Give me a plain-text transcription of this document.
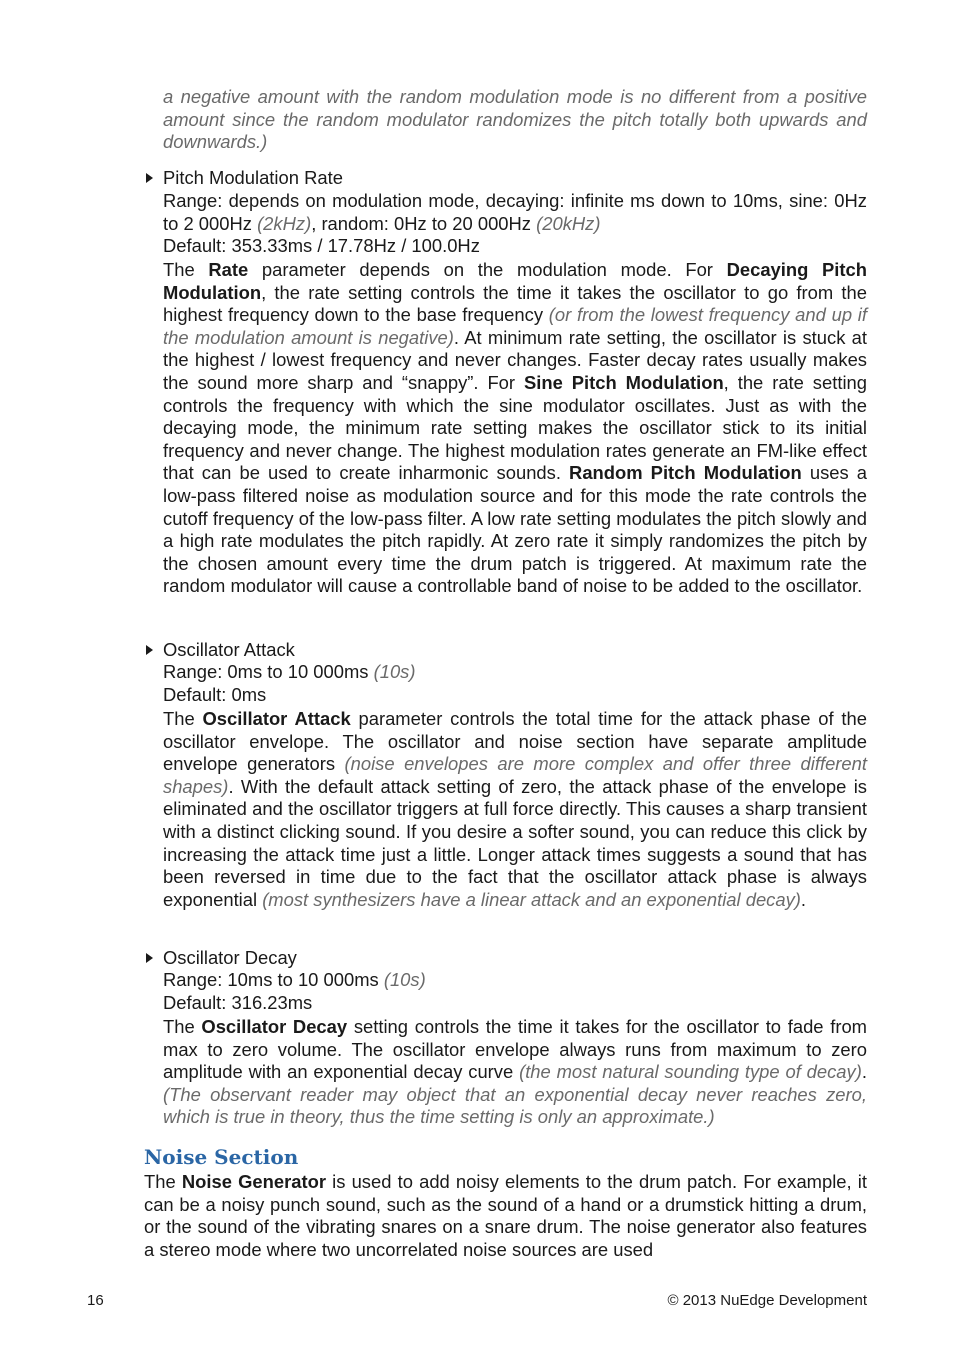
a negative amount with the random modulation mode is no different from a positive amount since the random modulator randomizes the pitch totally both upwards and downwards.)
Pitch Modulation Rate
Range: depends on modulation mode, decaying: infinite ms down to 10ms, sine: 0Hz to 2 000Hz (2kHz), random: 0Hz to 20 000Hz (20kHz)
Default: 353.33ms / 17.78Hz / 100.0Hz
The Rate parameter depends on the modulation mode. For Decaying Pitch Modulation, the rate setting controls the time it takes the oscillator to go from the highest frequency down to the base frequency (or from the lowest frequency and up if the modulation amount is negative). At minimum rate setting, the oscillator is stuck at the highest / lowest frequency and never changes. Faster decay rates usually makes the sound more sharp and “snappy”. For Sine Pitch Modulation, the rate setting controls the frequency with which the sine modulator oscillates. Just as with the decaying mode, the minimum rate setting makes the oscillator stick to its initial frequency and never change. The highest modulation rates generate an FM-like effect that can be used to create inharmonic sounds. Random Pitch Modulation uses a low-pass filtered noise as modulation source and for this mode the rate controls the cutoff frequency of the low-pass filter. A low rate setting modulates the pitch slowly and a high rate modulates the pitch rapidly. At zero rate it simply randomizes the pitch by the chosen amount every time the drum patch is triggered. At maximum rate the random modulator will cause a controllable band of noise to be added to the oscillator.
Oscillator Attack
Range: 0ms to 10 000ms (10s)
Default: 0ms
The Oscillator Attack parameter controls the total time for the attack phase of the oscillator envelope. The oscillator and noise section have separate amplitude envelope generators (noise envelopes are more complex and offer three different shapes). With the default attack setting of zero, the attack phase of the envelope is eliminated and the oscillator triggers at full force directly. This causes a sharp transient with a distinct clicking sound. If you desire a softer sound, you can reduce this click by increasing the attack time just a little. Longer attack times suggests a sound that has been reversed in time due to the fact that the oscillator attack phase is always exponential (most synthesizers have a linear attack and an exponential decay).
Oscillator Decay
Range: 10ms to 10 000ms (10s)
Default: 316.23ms
The Oscillator Decay setting controls the time it takes for the oscillator to fade from max to zero volume. The oscillator envelope always runs from maximum to zero amplitude with an exponential decay curve (the most natural sounding type of decay). (The observant reader may object that an exponential decay never reaches zero, which is true in theory, thus the time setting is only an approximate.)
Noise Section
The Noise Generator is used to add noisy elements to the drum patch. For example, it can be a noisy punch sound, such as the sound of a hand or a drumstick hitting a drum, or the sound of the vibrating snares on a snare drum. The noise generator also features a stereo mode where two uncorrelated noise sources are used
16	© 2013 NuEdge Development
